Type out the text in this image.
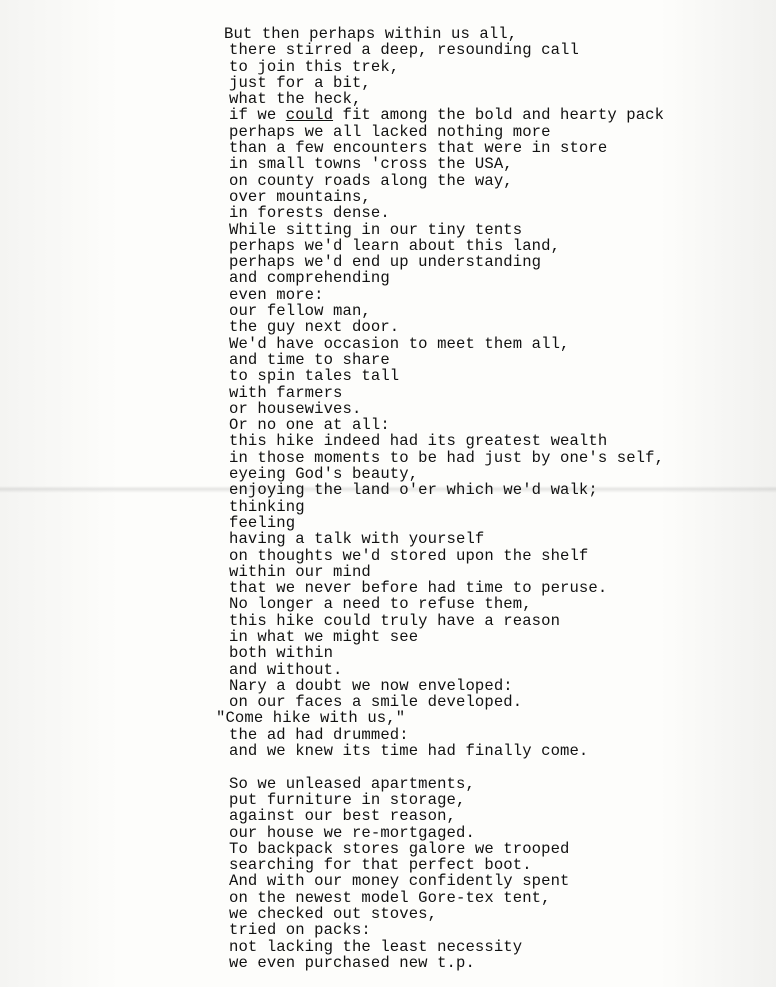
But then perhaps within us all,
there stirred a deep, resounding call
to join this trek,
just for a bit,
what the heck,
if we could fit among the bold and hearty pack
perhaps we all lacked nothing more
than a few encounters that were in store
in small towns 'cross the USA,
on county roads along the way,
over mountains,
in forests dense.
While sitting in our tiny tents
perhaps we'd learn about this land,
perhaps we'd end up understanding
and comprehending
even more:
our fellow man,
the guy next door.
We'd have occasion to meet them all,
and time to share
to spin tales tall
with farmers
or housewives.
Or no one at all:
this hike indeed had its greatest wealth
in those moments to be had just by one's self,
eyeing God's beauty,
enjoying the land o'er which we'd walk;
thinking
feeling
having a talk with yourself
on thoughts we'd stored upon the shelf
within our mind
that we never before had time to peruse.
No longer a need to refuse them,
this hike could truly have a reason
in what we might see
both within
and without.
Nary a doubt we now enveloped:
on our faces a smile developed.
"Come hike with us,"
the ad had drummed:
and we knew its time had finally come.
So we unleased apartments,
put furniture in storage,
against our best reason,
our house we re-mortgaged.
To backpack stores galore we trooped
searching for that perfect boot.
And with our money confidently spent
on the newest model Gore-tex tent,
we checked out stoves,
tried on packs:
not lacking the least necessity
we even purchased new t.p.
